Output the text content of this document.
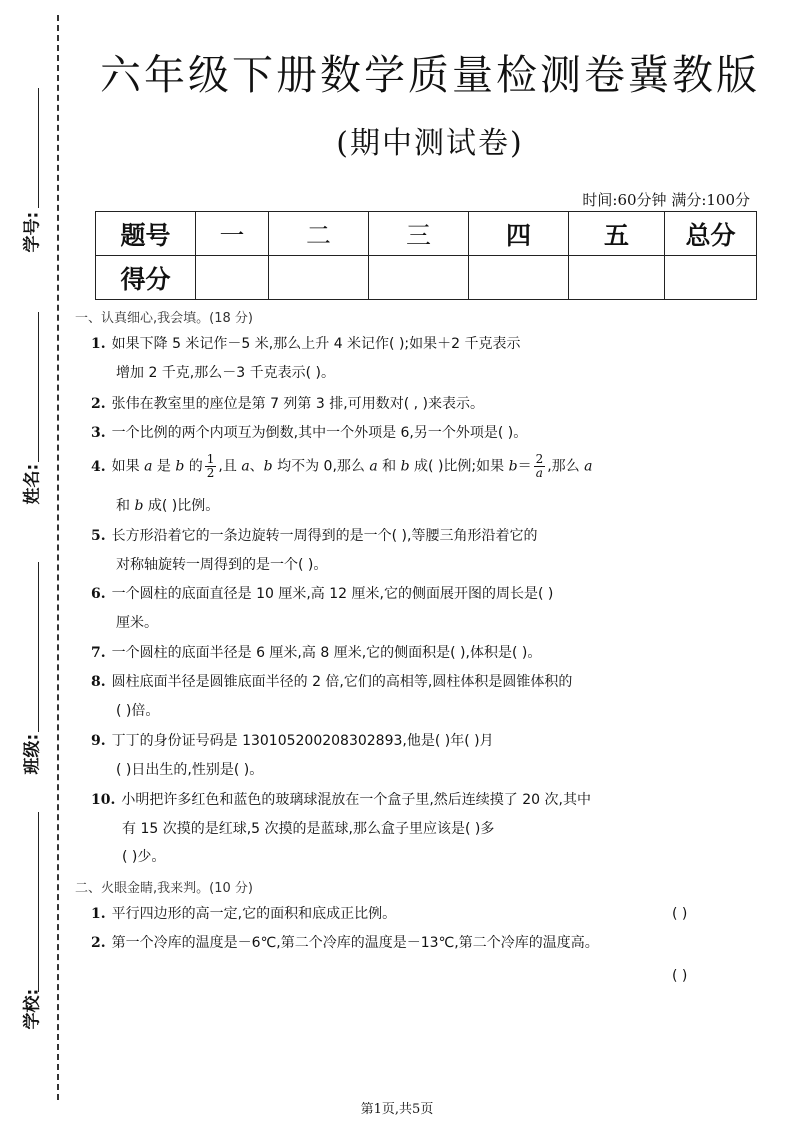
学号:
姓名:
班级:
学校:
六年级下册数学质量检测卷冀教版
(期中测试卷)
时间:60分钟 满分:100分
题号	一	二	三	四	五	总分
得分						
一、认真细心,我会填。(18 分)
1. 如果下降 5 米记作－5 米,那么上升 4 米记作( );如果＋2 千克表示
增加 2 千克,那么－3 千克表示( )。
2. 张伟在教室里的座位是第 7 列第 3 排,可用数对( , )来表示。
3. 一个比例的两个内项互为倒数,其中一个外项是 6,另一个外项是( )。
4. 如果 a 是 b 的 $\frac{1}{2}$ ,且 a、b 均不为 0,那么 a 和 b 成( )比例;如果 $b= \frac{2}{a}$ ,那么 a
和 b 成( )比例。
5. 长方形沿着它的一条边旋转一周得到的是一个( ),等腰三角形沿着它的
对称轴旋转一周得到的是一个( )。
6. 一个圆柱的底面直径是 10 厘米,高 12 厘米,它的侧面展开图的周长是( )
厘米。
7. 一个圆柱的底面半径是 6 厘米,高 8 厘米,它的侧面积是( ),体积是( )。
8. 圆柱底面半径是圆锥底面半径的 2 倍,它们的高相等,圆柱体积是圆锥体积的
( )倍。
9. 丁丁的身份证号码是 130105200208302893,他是( )年( )月
( )日出生的,性别是( )。
10. 小明把许多红色和蓝色的玻璃球混放在一个盒子里,然后连续摸了 20 次,其中
有 15 次摸的是红球,5 次摸的是蓝球,那么盒子里应该是( )多
( )少。
二、火眼金睛,我来判。(10 分)
1. 平行四边形的高一定,它的面积和底成正比例。	( )
2. 第一个冷库的温度是－6℃,第二个冷库的温度是－13℃,第二个冷库的温度高。
( )
第1页,共5页
